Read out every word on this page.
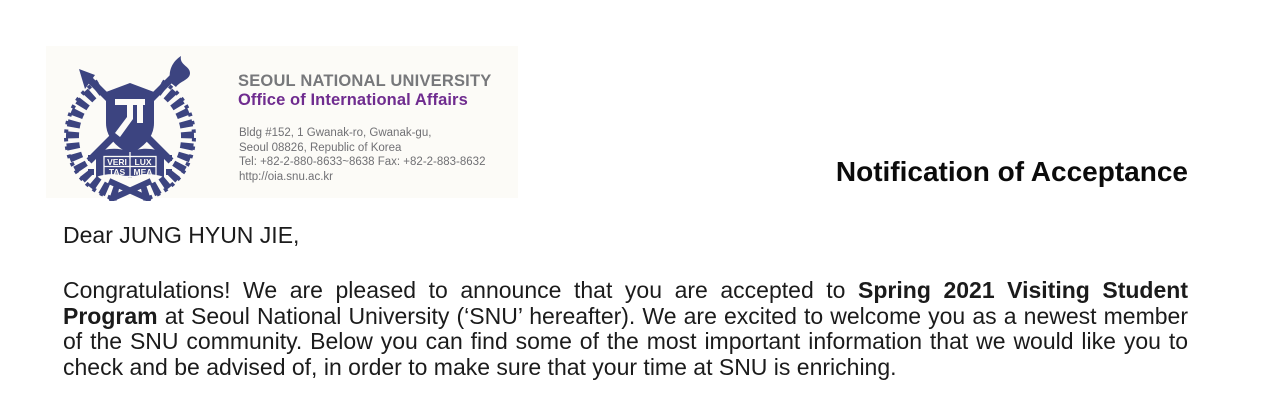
VERI LUX
TAS MEA
SEOUL NATIONAL UNIVERSITY
Office of International Affairs
Bldg #152, 1 Gwanak-ro, Gwanak-gu,
Seoul 08826, Republic of Korea
Tel: +82-2-880-8633~8638 Fax: +82-2-883-8632
http://oia.snu.ac.kr	Notification of Acceptance
Dear JUNG HYUN JIE,

Congratulations! We are pleased to announce that you are accepted to Spring 2021 Visiting Student Program at Seoul National University (‘SNU’ hereafter). We are excited to welcome you as a newest member of the SNU community. Below you can find some of the most important information that we would like you to check and be advised of, in order to make sure that your time at SNU is enriching.
